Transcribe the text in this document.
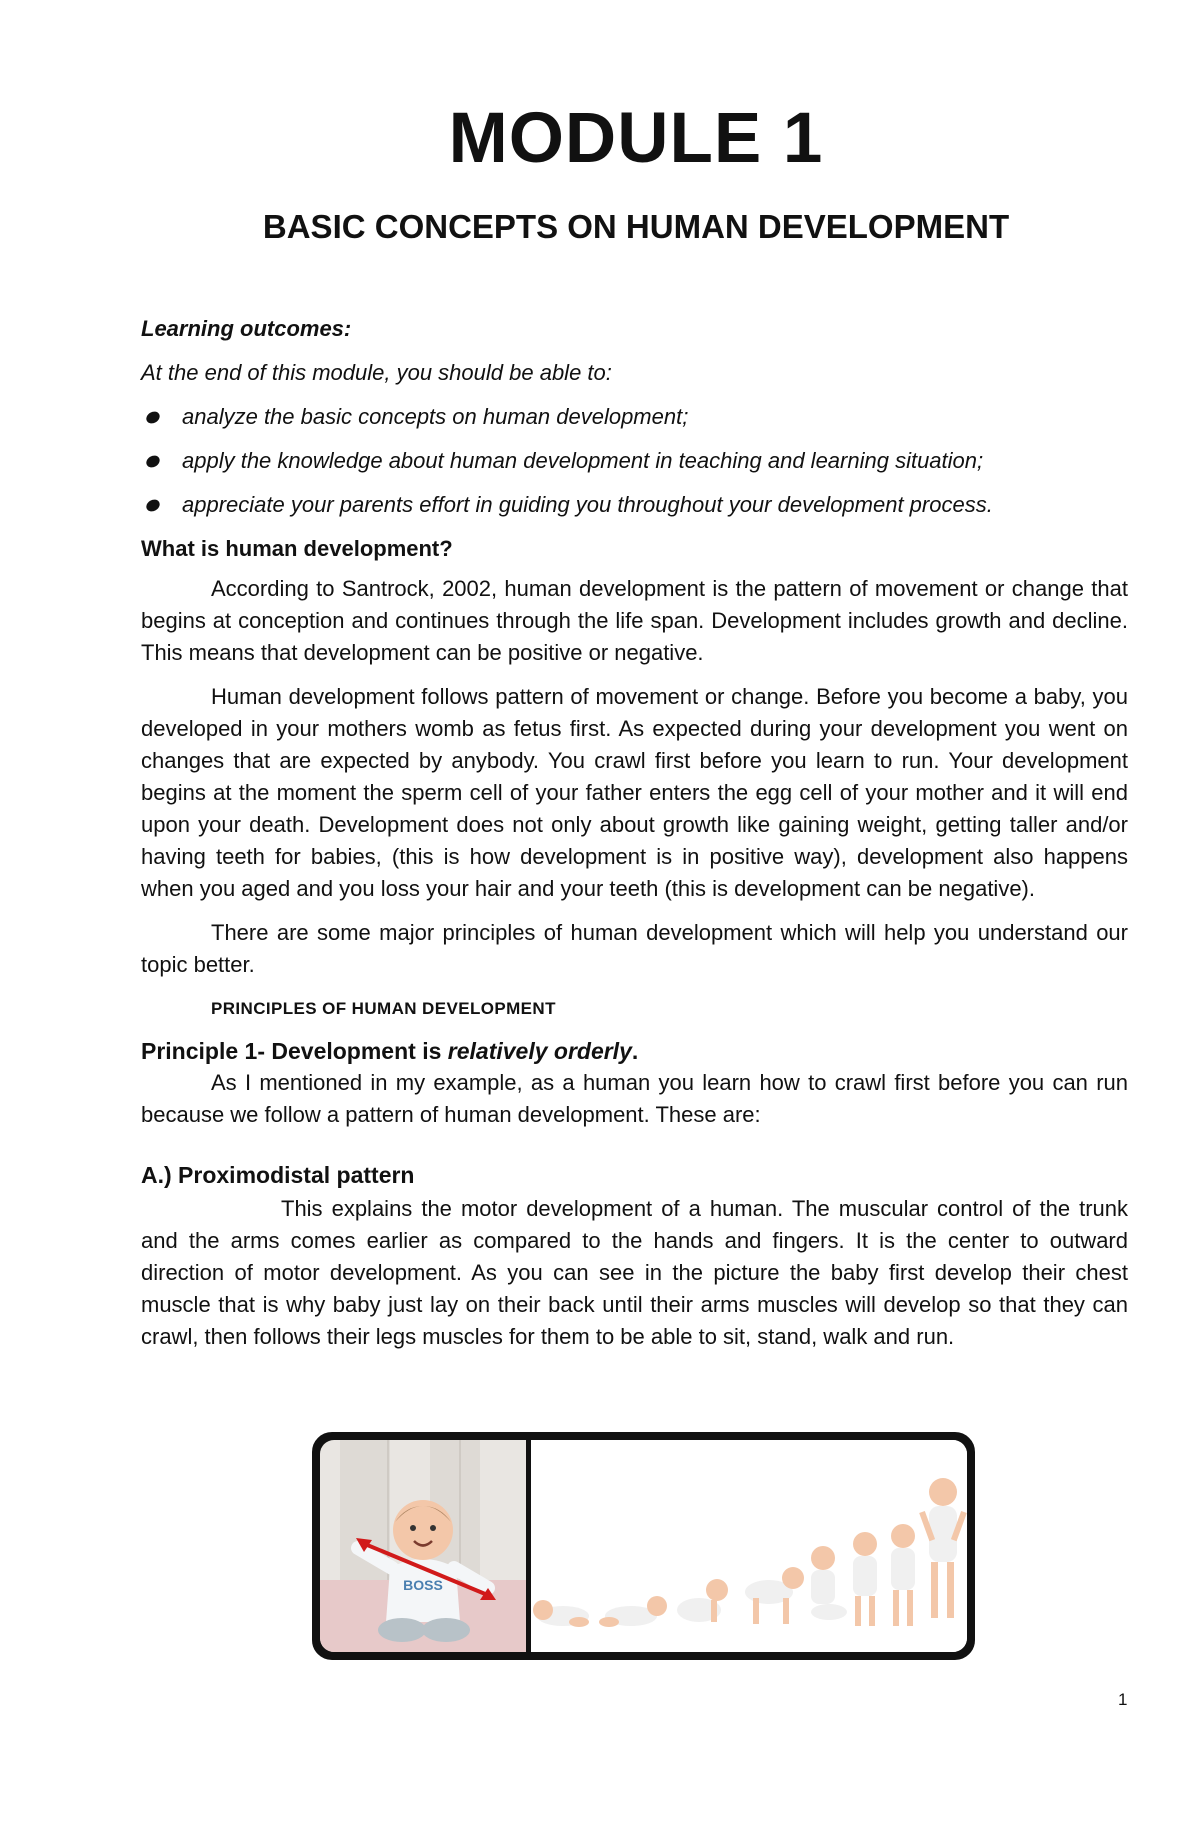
MODULE 1
BASIC CONCEPTS ON HUMAN DEVELOPMENT
Learning outcomes:
At the end of this module, you should be able to:
analyze the basic concepts on human development;
apply the knowledge about human development in teaching and learning situation;
appreciate your parents effort in guiding you throughout your development process.
What is human development?

According to Santrock, 2002, human development is the pattern of movement or change that begins at conception and continues through the life span. Development includes growth and decline. This means that development can be positive or negative.

Human development follows pattern of movement or change. Before you become a baby, you developed in your mothers womb as fetus first. As expected during your development you went on changes that are expected by anybody. You crawl first before you learn to run. Your development begins at the moment the sperm cell of your father enters the egg cell of your mother and it will end upon your death. Development does not only about growth like gaining weight, getting taller and/or having teeth for babies, (this is how development is in positive way), development also happens when you aged and you loss your hair and your teeth (this is development can be negative).

There are some major principles of human development which will help you understand our topic better.

PRINCIPLES OF HUMAN DEVELOPMENT
Principle 1- Development is relatively orderly.

As I mentioned in my example, as a human you learn how to crawl first before you can run because we follow a pattern of human development. These are:

A.) Proximodistal pattern

This explains the motor development of a human. The muscular control of the trunk and the arms comes earlier as compared to the hands and fingers. It is the center to outward direction of motor development. As you can see in the picture the baby first develop their chest muscle that is why baby just lay on their back until their arms muscles will develop so that they can crawl, then follows their legs muscles for them to be able to sit, stand, walk and run.

BOSS
1
